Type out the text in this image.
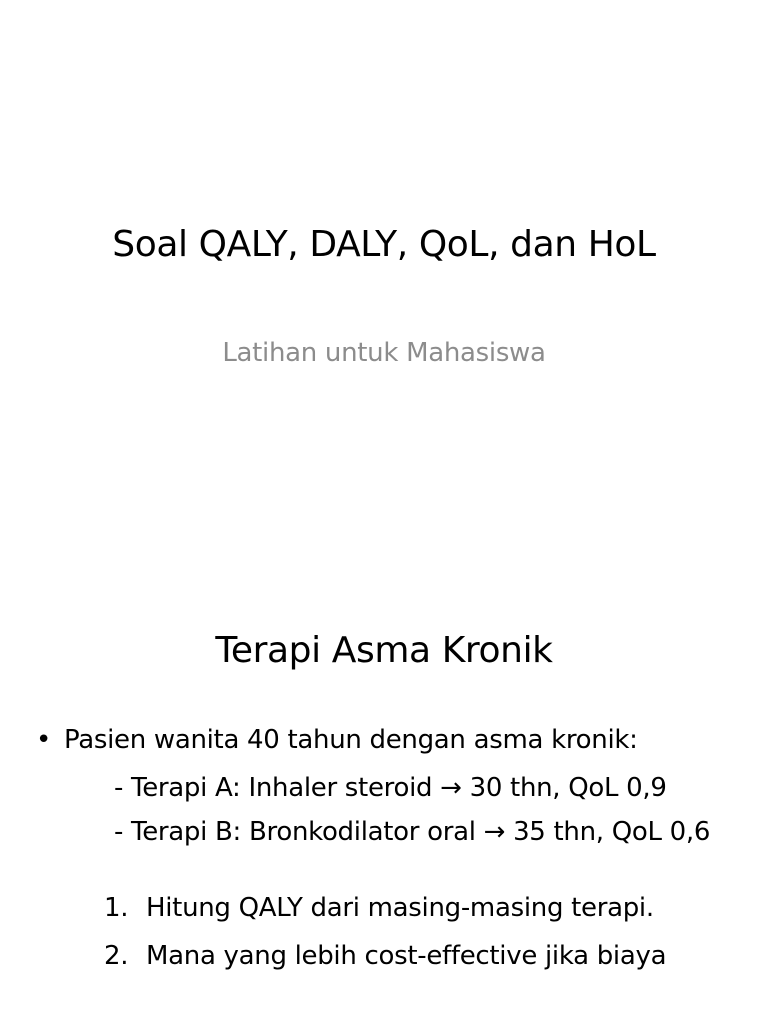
Soal QALY, DALY, QoL, dan HoL
Latihan untuk Mahasiswa
Terapi Asma Kronik
• Pasien wanita 40 tahun dengan asma kronik:
- Terapi A: Inhaler steroid → 30 thn, QoL 0,9
- Terapi B: Bronkodilator oral → 35 thn, QoL 0,6
1. Hitung QALY dari masing-masing terapi.
2. Mana yang lebih cost-effective jika biaya
